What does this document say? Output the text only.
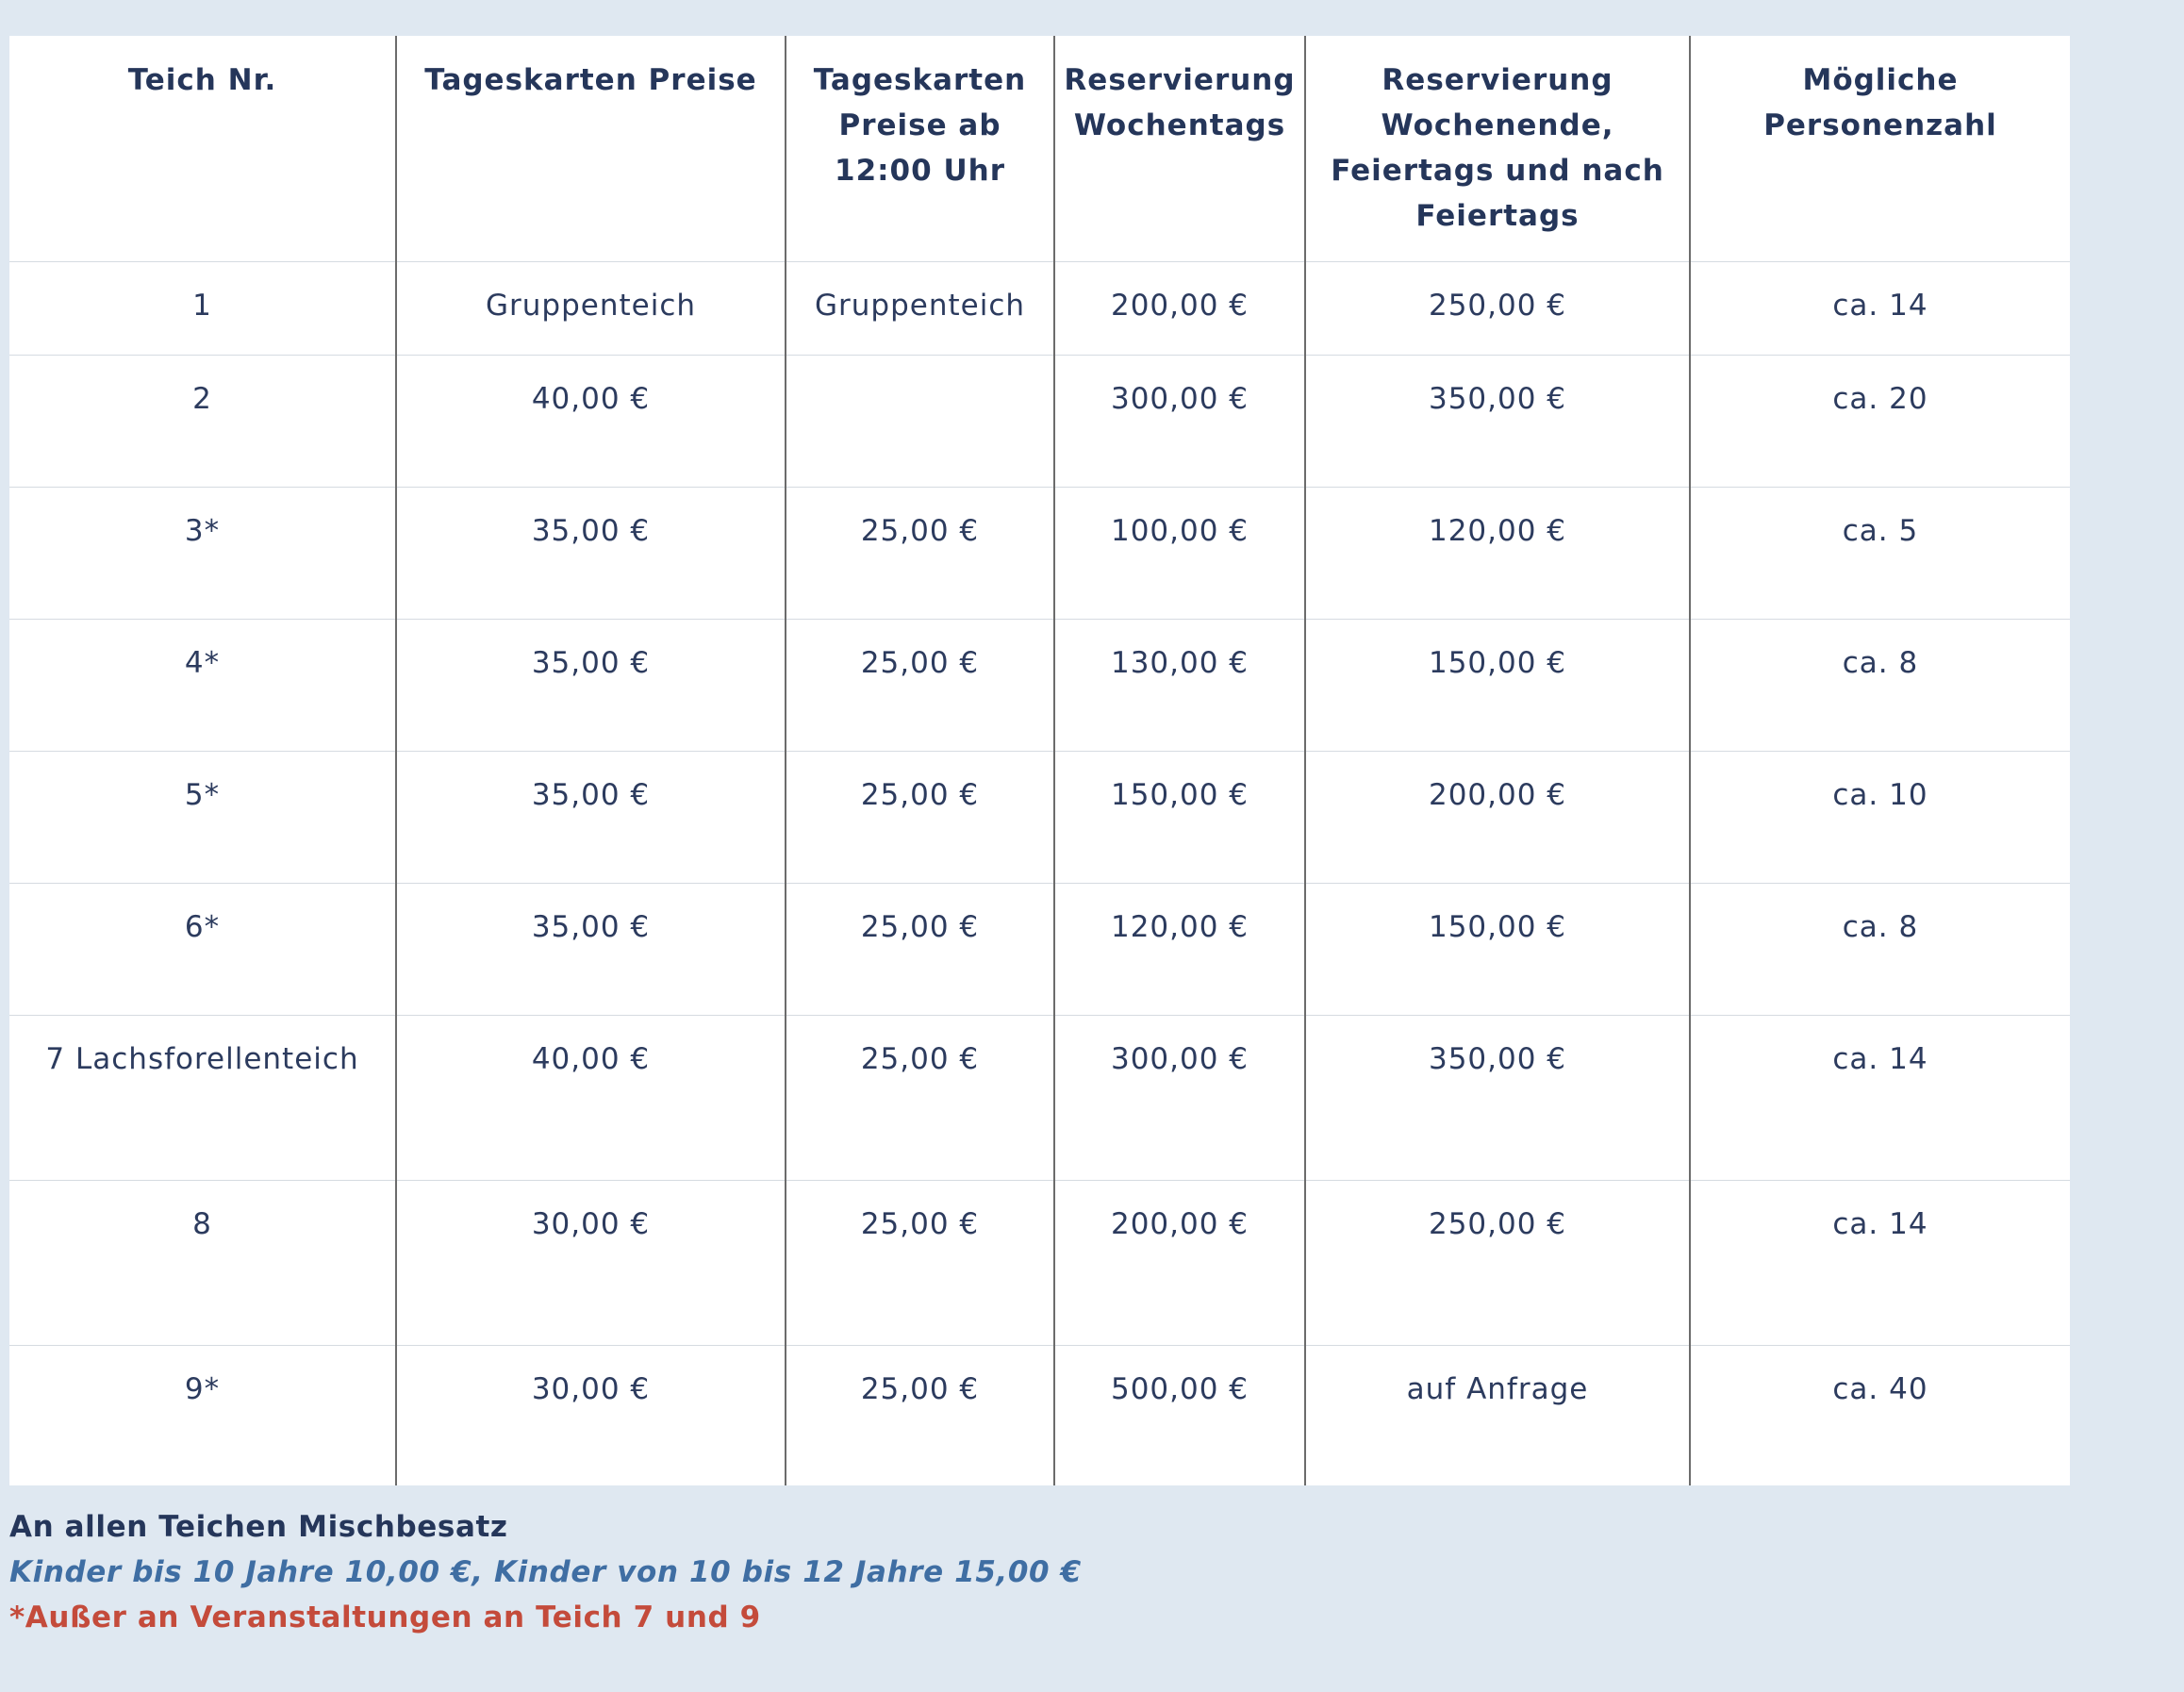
Teich Nr.	Tageskarten Preise	Tageskarten Preise ab 12:00 Uhr	Reservierung Wochentags	Reservierung Wochenende, Feiertags und nach Feiertags	Mögliche Personenzahl
1	Gruppenteich	Gruppenteich	200,00 €	250,00 €	ca. 14
2	40,00 €		300,00 €	350,00 €	ca. 20
3*	35,00 €	25,00 €	100,00 €	120,00 €	ca. 5
4*	35,00 €	25,00 €	130,00 €	150,00 €	ca. 8
5*	35,00 €	25,00 €	150,00 €	200,00 €	ca. 10
6*	35,00 €	25,00 €	120,00 €	150,00 €	ca. 8
7 Lachsforellenteich	40,00 €	25,00 €	300,00 €	350,00 €	ca. 14
8	30,00 €	25,00 €	200,00 €	250,00 €	ca. 14
9*	30,00 €	25,00 €	500,00 €	auf Anfrage	ca. 40
An allen Teichen Mischbesatz
Kinder bis 10 Jahre 10,00 €, Kinder von 10 bis 12 Jahre 15,00 €
*Außer an Veranstaltungen an Teich 7 und 9
